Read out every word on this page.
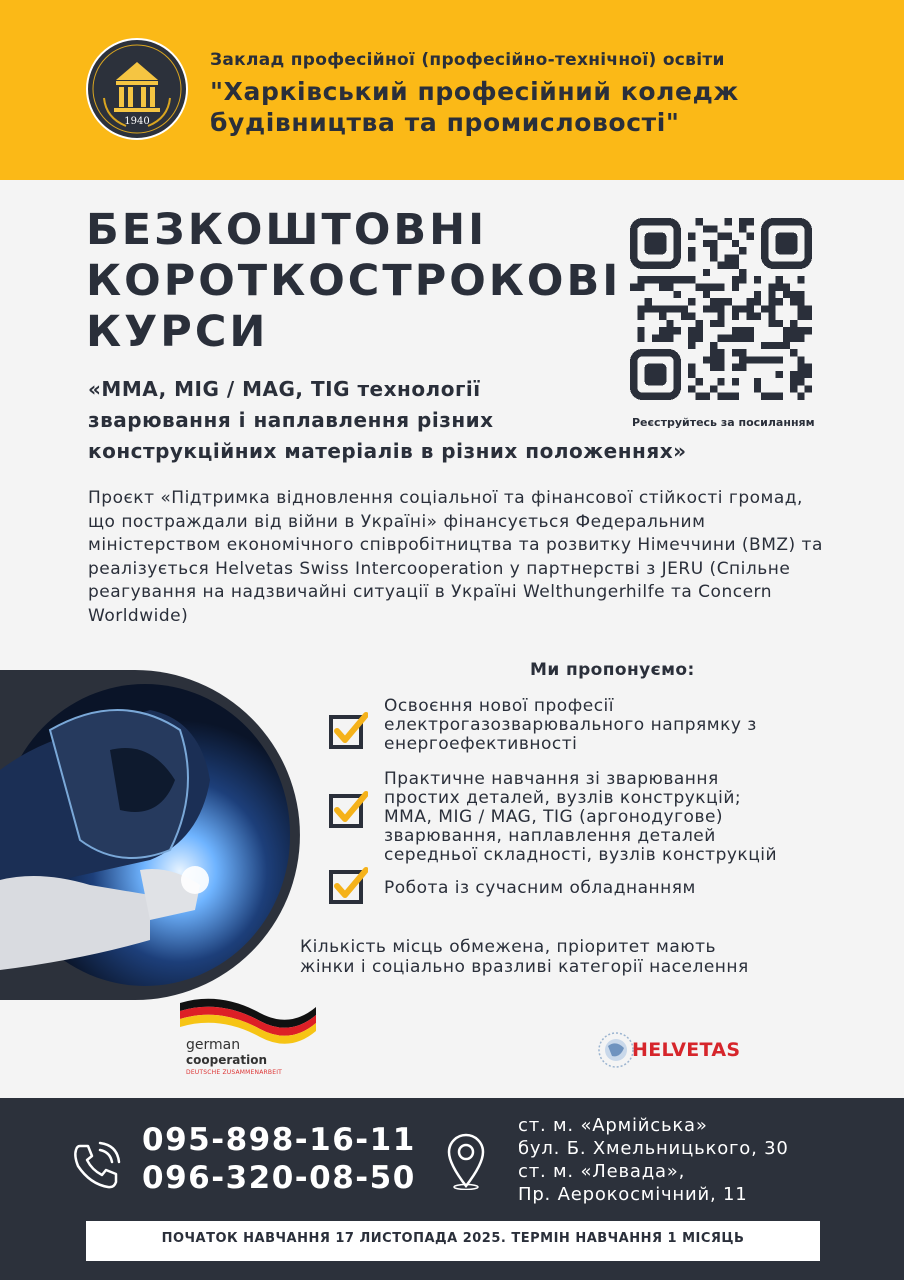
1940
Заклад професійної (професійно-технічної) освіти
"Харківський професійний коледж
будівництва та промисловості"
БЕЗКОШТОВНІ
КОРОТКОСТРОКОВІ
КУРСИ
Реєструйтесь за посиланням
«MMA, MIG / MAG, TIG технології
зварювання і наплавлення різних
конструкційних матеріалів в різних положеннях»
Проєкт «Підтримка відновлення соціальної та фінансової стійкості громад, що постраждали від війни в Україні» фінансується Федеральним міністерством економічного співробітництва та розвитку Німеччини (BMZ) та реалізується Helvetas Swiss Intercooperation у партнерстві з JERU (Спільне реагування на надзвичайні ситуації в Україні Welthungerhilfe та Concern Worldwide)
Ми пропонуємо:
Освоєння нової професії
електрогазозварювального напрямку з
енергоефективності
Практичне навчання зі зварювання
простих деталей, вузлів конструкцій;
MMA, MIG / MAG, TIG (аргонодугове)
зварювання, наплавлення деталей
середньої складності, вузлів конструкцій
Робота із сучасним обладнанням
Кількість місць обмежена, пріоритет мають
жінки і соціально вразливі категорії населення
german
cooperation
DEUTSCHE ZUSAMMENARBEIT
HELVETAS
095-898-16-11
096-320-08-50
ст. м. «Армійська»
бул. Б. Хмельницького, 30
ст. м. «Левада»,
Пр. Аерокосмічний, 11
ПОЧАТОК НАВЧАННЯ 17 ЛИСТОПАДА 2025. ТЕРМІН НАВЧАННЯ 1 МІСЯЦЬ
